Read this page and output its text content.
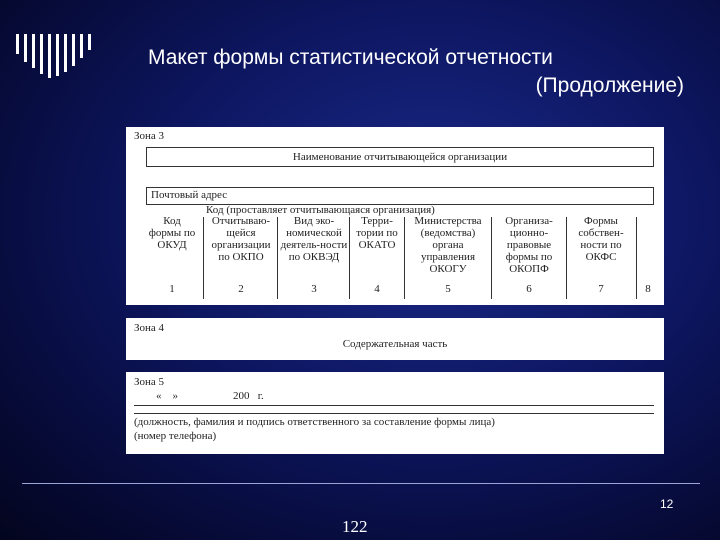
Макет формы статистической отчетности
(Продолжение)
Зона 3
Наименование отчитывающейся организации
Почтовый адрес
Код (проставляет отчитывающаяся организация)
Код формы по ОКУД
1
Отчитываю-щейся организации по ОКПО
2
Вид эко-номической деятель-ности по ОКВЭД
3
Терри-тории по ОКАТО
4
Министерства (ведомства) органа управления ОКОГУ
5
Организа-ционно-правовые формы по ОКОПФ
6
Формы собствен-ности по ОКФС
7	8
Зона 4
Содержательная часть
Зона 5
«    »                    200   г.
(должность, фамилия и подпись ответственного за составление формы лица)
(номер телефона)
12
122
